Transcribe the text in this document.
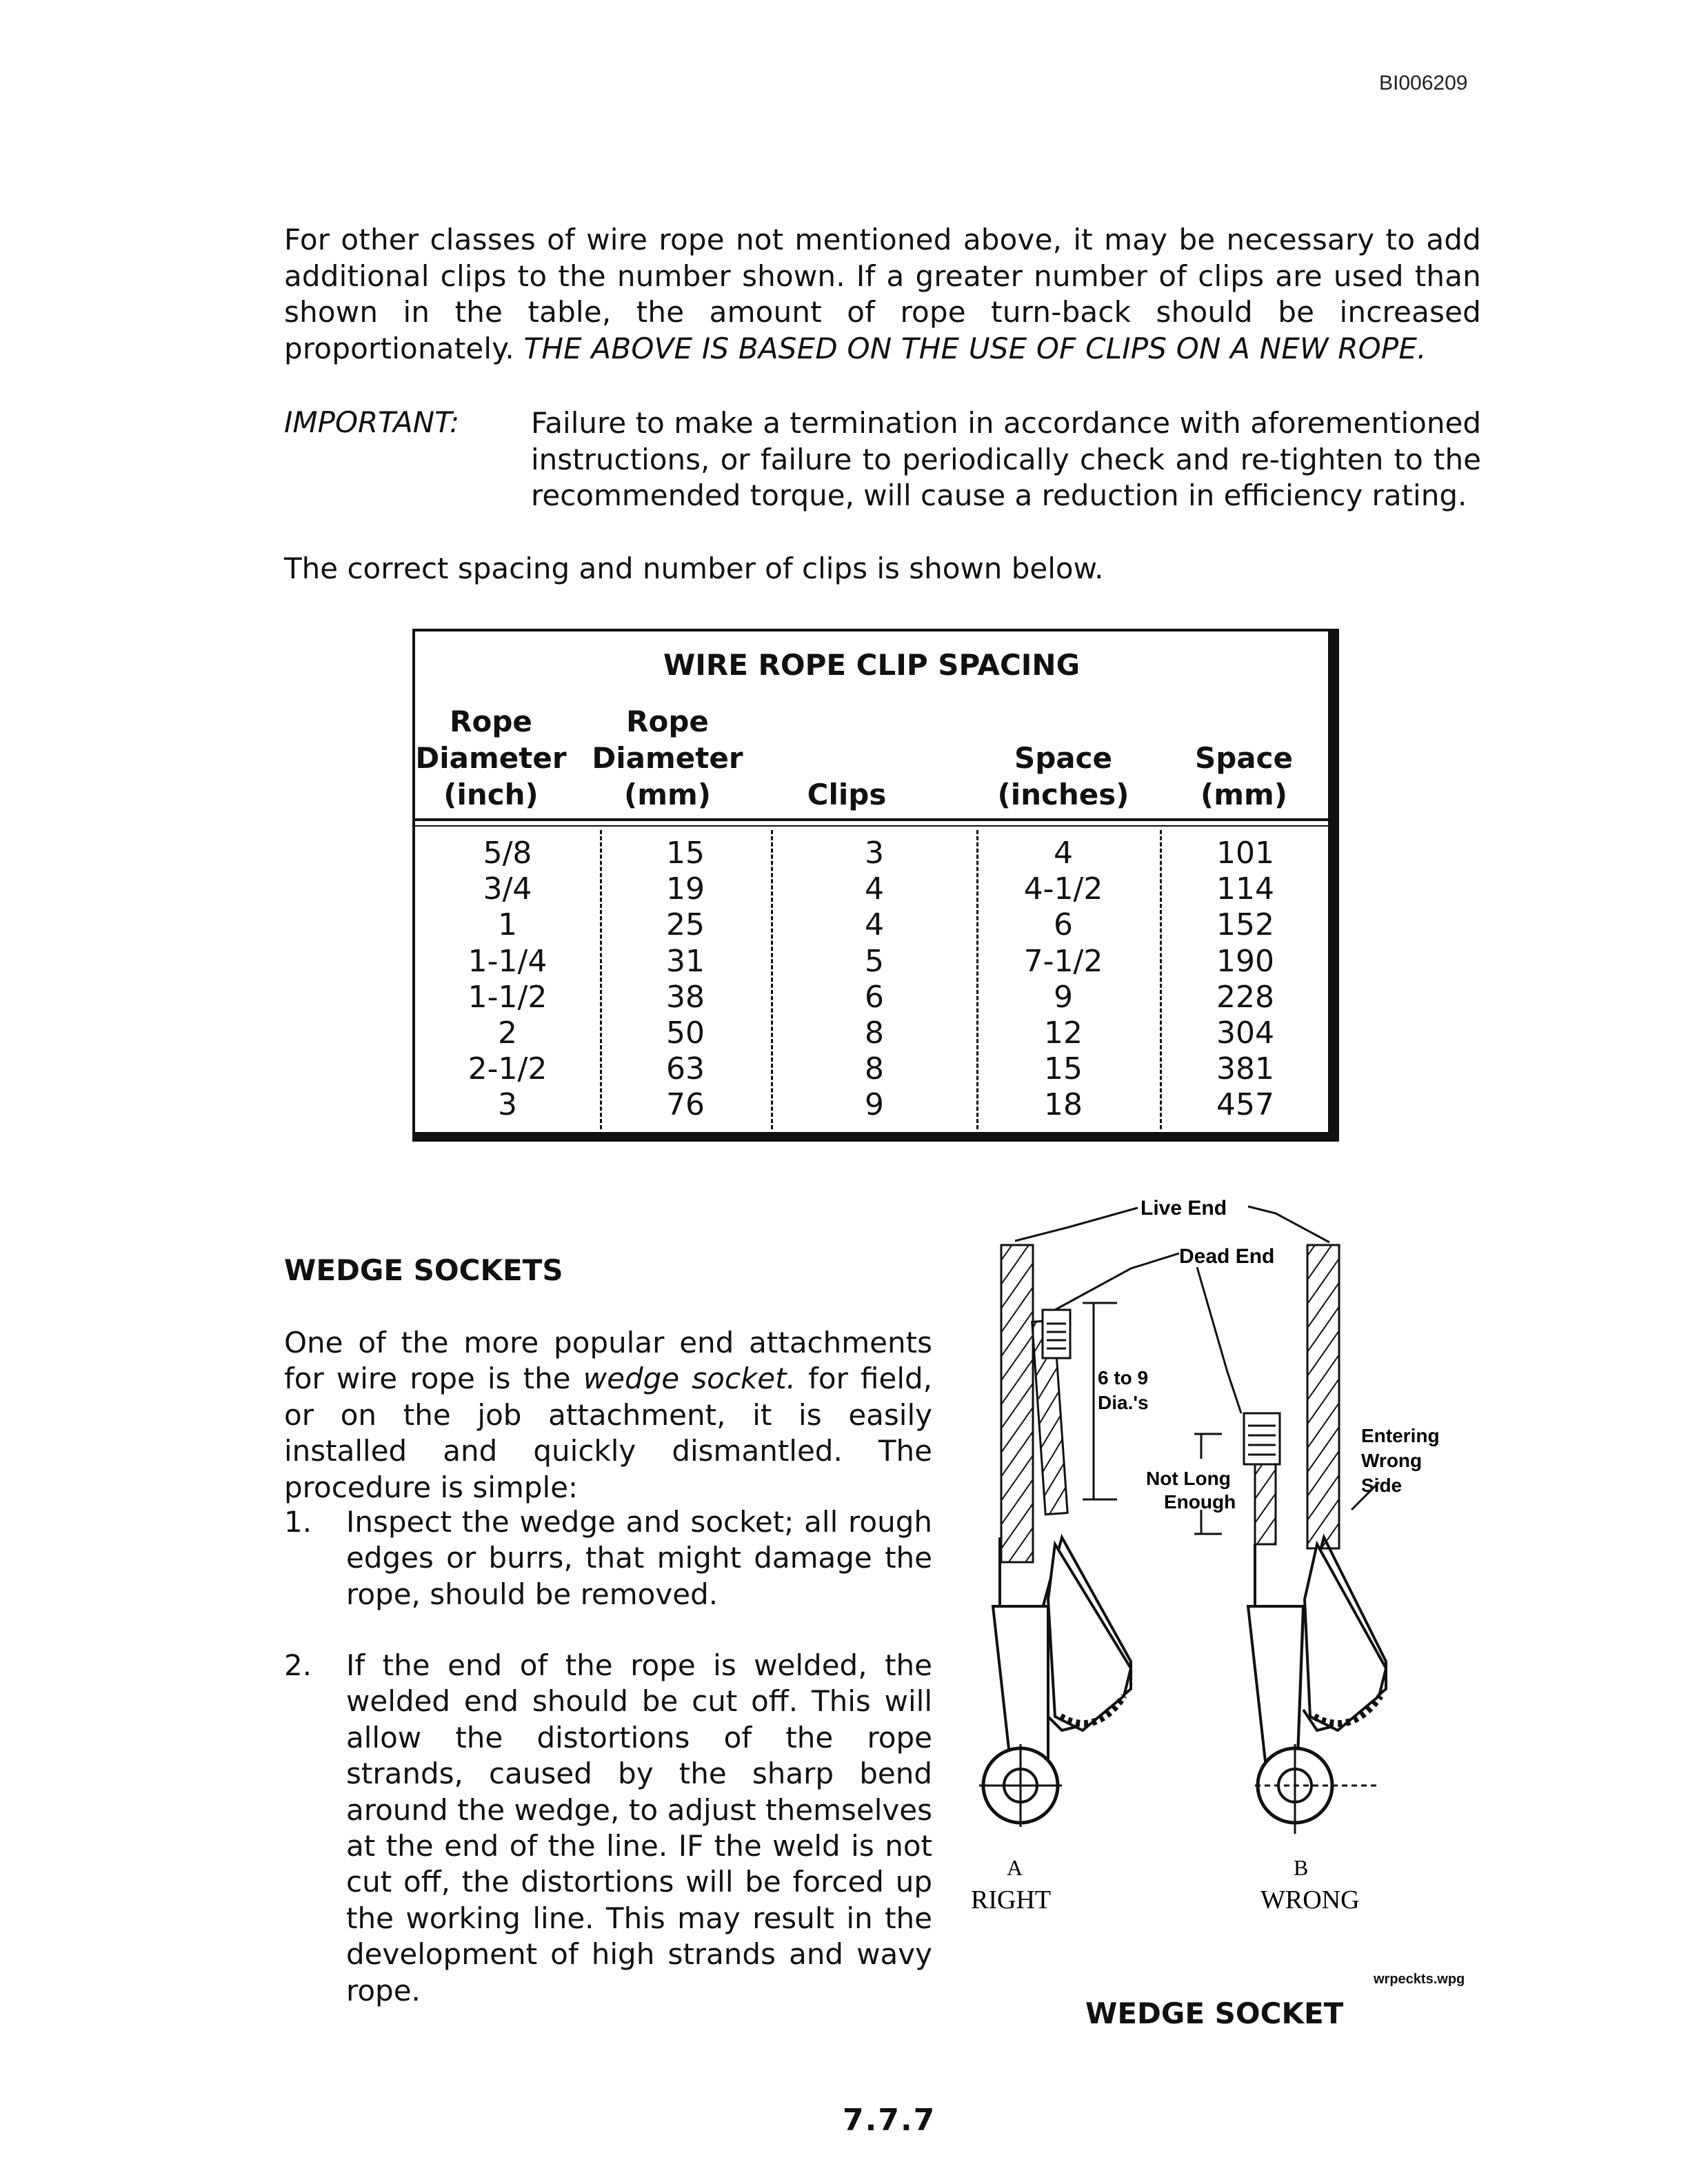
BI006209
For other classes of wire rope not mentioned above, it may be necessary to add additional clips to the number shown. If a greater number of clips are used than shown in the table, the amount of rope turn-back should be increased proportionately. THE ABOVE IS BASED ON THE USE OF CLIPS ON A NEW ROPE.
IMPORTANT: Failure to make a termination in accordance with aforementioned instructions, or failure to periodically check and re-tighten to the recommended torque, will cause a reduction in efficiency rating.
The correct spacing and number of clips is shown below.
WIRE ROPE CLIP SPACING
Rope
Diameter
(inch)
Rope
Diameter
(mm)	Clips
Space
(inches)
Space
(mm)
5/8
3/4
1
1-1/4
1-1/2
2
2-1/2
3
15
19
25
31
38
50
63
76
3
4
4
5
6
8
8
9
4
4-1/2
6
7-1/2
9
12
15
18
101
114
152
190
228
304
381
457
WEDGE SOCKETS
One of the more popular end attachments for wire rope is the wedge socket. for field, or on the job attachment, it is easily installed and quickly dismantled. The procedure is simple:
1. Inspect the wedge and socket; all rough edges or burrs, that might damage the rope, should be removed.
2. If the end of the rope is welded, the welded end should be cut off. This will allow the distortions of the rope strands, caused by the sharp bend around the wedge, to adjust themselves at the end of the line. IF the weld is not cut off, the distortions will be forced up the working line. This may result in the development of high strands and wavy rope.
Live End
Dead End
6 to 9
Dia.'s
Not Long
Enough
Entering
Wrong
Side
A
RIGHT
B
WRONG
wrpeckts.wpg
WEDGE SOCKET
7.7.7
